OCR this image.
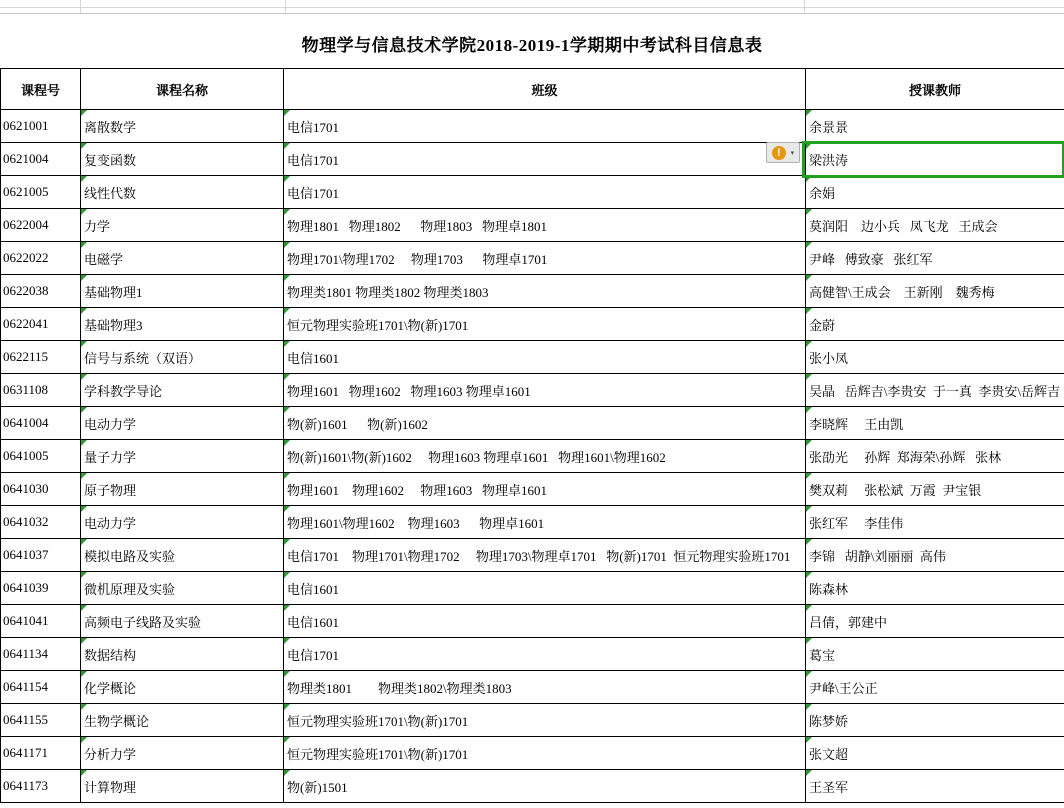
物理学与信息技术学院2018-2019-1学期期中考试科目信息表
课程号	课程名称	班级	授课教师
0621001	离散数学	电信1701	余景景
0621004	复变函数	电信1701	梁洪涛
0621005	线性代数	电信1701	余娟
0622004	力学	物理1801   物理1802      物理1803   物理卓1801	莫润阳    边小兵   凤飞龙   王成会
0622022	电磁学	物理1701\物理1702     物理1703      物理卓1701	尹峰   傅致豪   张红军
0622038	基础物理1	物理类1801 物理类1802 物理类1803	高健智\王成会    王新刚    魏秀梅
0622041	基础物理3	恒元物理实验班1701\物(新)1701	金蔚
0622115	信号与系统（双语）	电信1601	张小凤
0631108	学科教学导论	物理1601   物理1602   物理1603 物理卓1601	吴晶   岳辉吉\李贵安  于一真  李贵安\岳辉吉
0641004	电动力学	物(新)1601      物(新)1602	李晓辉     王由凯
0641005	量子力学	物(新)1601\物(新)1602     物理1603 物理卓1601   物理1601\物理1602	张劭光     孙辉  郑海荣\孙辉   张林
0641030	原子物理	物理1601    物理1602     物理1603   物理卓1601	樊双莉     张松斌  万霞  尹宝银
0641032	电动力学	物理1601\物理1602    物理1603      物理卓1601	张红军     李佳伟
0641037	模拟电路及实验	电信1701    物理1701\物理1702     物理1703\物理卓1701   物(新)1701  恒元物理实验班1701	李锦   胡静\刘丽丽  高伟
0641039	微机原理及实验	电信1601	陈森林
0641041	高频电子线路及实验	电信1601	吕倩，郭建中
0641134	数据结构	电信1701	葛宝
0641154	化学概论	物理类1801        物理类1802\物理类1803	尹峰\王公正
0641155	生物学概论	恒元物理实验班1701\物(新)1701	陈梦娇
0641171	分析力学	恒元物理实验班1701\物(新)1701	张文超
0641173	计算物理	物(新)1501	王圣军
!	▾
